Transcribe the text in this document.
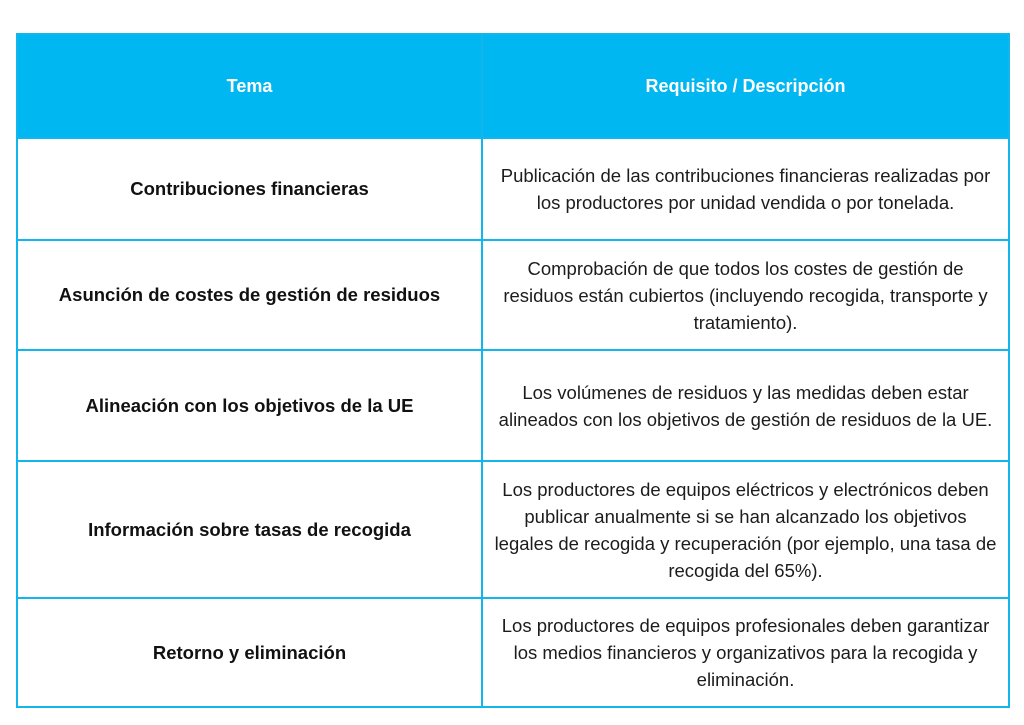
Tema	Requisito / Descripción
Contribuciones financieras	Publicación de las contribuciones financieras realizadas por los productores por unidad vendida o por tonelada.
Asunción de costes de gestión de residuos	Comprobación de que todos los costes de gestión de residuos están cubiertos (incluyendo recogida, transporte y tratamiento).
Alineación con los objetivos de la UE	Los volúmenes de residuos y las medidas deben estar alineados con los objetivos de gestión de residuos de la UE.
Información sobre tasas de recogida	Los productores de equipos eléctricos y electrónicos deben publicar anualmente si se han alcanzado los objetivos legales de recogida y recuperación (por ejemplo, una tasa de recogida del 65%).
Retorno y eliminación	Los productores de equipos profesionales deben garantizar los medios financieros y organizativos para la recogida y eliminación.
